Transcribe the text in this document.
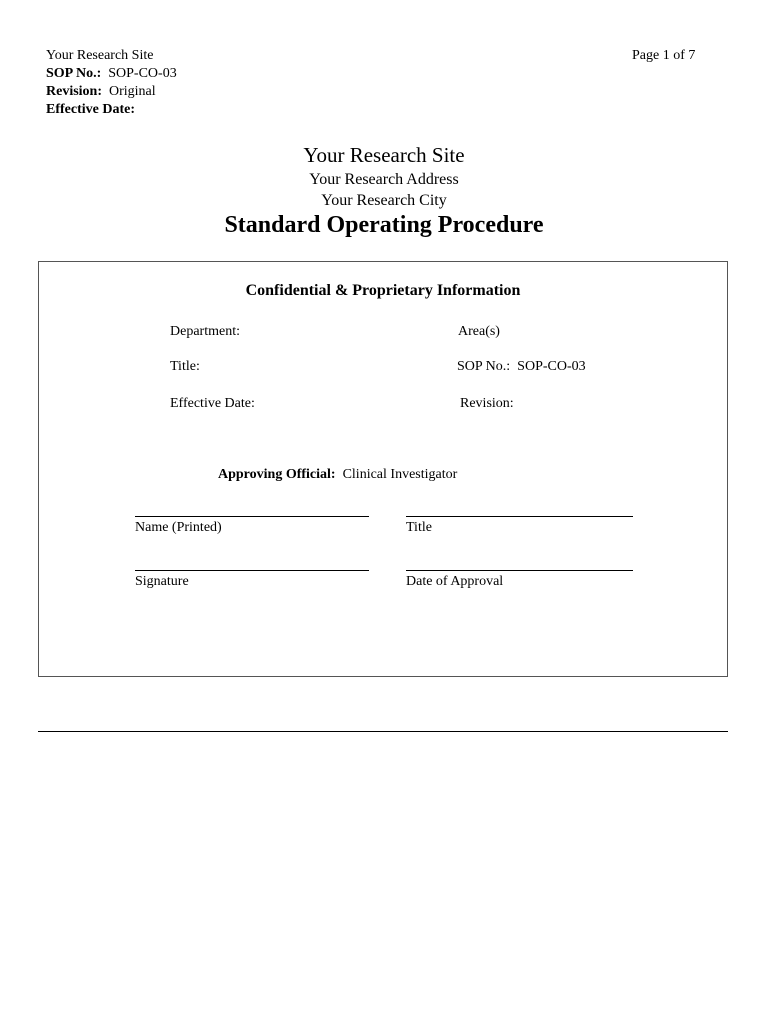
Your Research Site	Page 1 of 7
SOP No.: SOP-CO-03
Revision: Original
Effective Date:
Your Research Site
Your Research Address
Your Research City
Standard Operating Procedure
Confidential & Proprietary Information
Department:	Area(s)
Title:	SOP No.: SOP-CO-03
Effective Date:	Revision:
Approving Official: Clinical Investigator
Name (Printed)	Title
Signature	Date of Approval
